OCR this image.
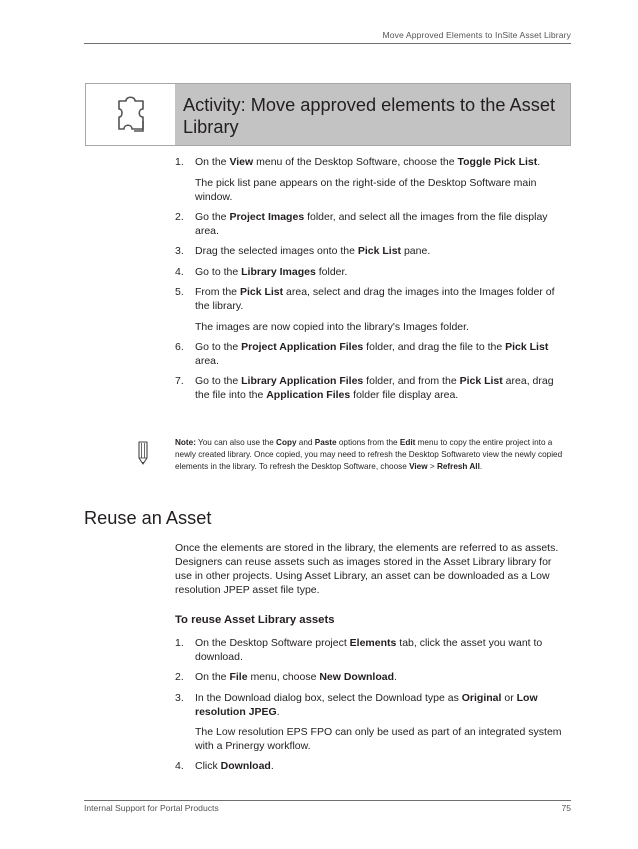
Move Approved Elements to InSite Asset Library
Activity: Move approved elements to the Asset
Library
1. On the View menu of the Desktop Software, choose the Toggle Pick List.
The pick list pane appears on the right-side of the Desktop Software main window.
2. Go the Project Images folder, and select all the images from the file display area.
3. Drag the selected images onto the Pick List pane.
4. Go to the Library Images folder.
5. From the Pick List area, select and drag the images into the Images folder of the library.
The images are now copied into the library's Images folder.
6. Go to the Project Application Files folder, and drag the file to the Pick List area.
7. Go to the Library Application Files folder, and from the Pick List area, drag the file into the Application Files folder file display area.
Note: You can also use the Copy and Paste options from the Edit menu to copy the entire project into a newly created library. Once copied, you may need to refresh the Desktop Softwareto view the newly copied elements in the library. To refresh the Desktop Software, choose View > Refresh All.
Reuse an Asset
Once the elements are stored in the library, the elements are referred to as assets. Designers can reuse assets such as images stored in the Asset Library library for use in other projects. Using Asset Library, an asset can be downloaded as a Low resolution JPEP asset file type.
To reuse Asset Library assets
1. On the Desktop Software project Elements tab, click the asset you want to download.
2. On the File menu, choose New Download.
3. In the Download dialog box, select the Download type as Original or Low resolution JPEG.
The Low resolution EPS FPO can only be used as part of an integrated system with a Prinergy workflow.
4. Click Download.
Internal Support for Portal Products	75
